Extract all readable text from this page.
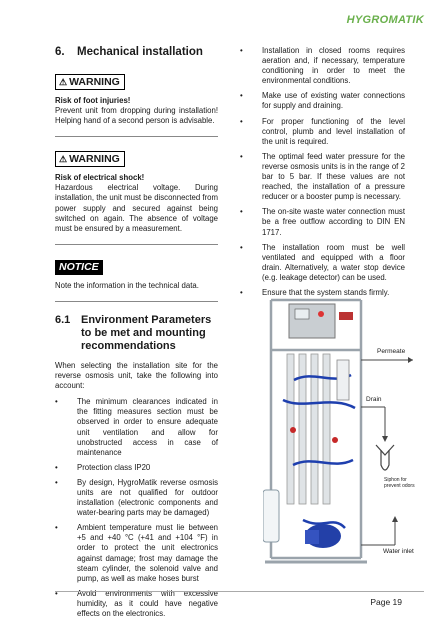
HYGROMATIK
6. Mechanical installation
⚠ WARNING

Risk of foot injuries!

Prevent unit from dropping during installation! Helping hand of a second person is advisable.

⚠ WARNING

Risk of electrical shock!

Hazardous electrical voltage. During installation, the unit must be disconnected from power supply and secured against being switched on again. The absence of voltage must be ensured by a measurement.

NOTICE

Note the information in the technical data.

6.1 Environment Parameters to be met and mounting recommendations

When selecting the installation site for the reverse osmosis unit, take the following into account:

• The minimum clearances indicated in the fitting measures section must be observed in order to ensure adequate unit ventilation and allow for unobstructed access in case of maintenance
• Protection class IP20
• By design, HygroMatik reverse osmosis units are not qualified for outdoor installation (electronic components and water-bearing parts may be damaged)
• Ambient temperature must lie between +5 and +40 °C (+41 and +104 °F) in order to protect the unit electronics against damage; frost may damage the steam cylinder, the solenoid valve and pump, as well as make hoses burst
• Avoid environments with excessive humidity, as it could have negative effects on the electronics.
• Installation in closed rooms requires aeration and, if necessary, temperature conditioning in order to meet the environmental conditions.
• Make use of existing water connections for supply and draining.
• For proper functioning of the level control, plumb and level installation of the unit is required.
• The optimal feed water pressure for the reverse osmosis units is in the range of 2 bar to 5 bar. If these values are not reached, the installation of a pressure reducer or a booster pump is necessary.
• The on-site waste water connection must be a free outflow according to DIN EN 1717.
• The installation room must be well ventilated and equipped with a floor drain. Alternatively, a water stop device (e.g. leakage detector) can be used.
• Ensure that the system stands firmly.
Permeate
Drain
Siphon for prevent odors
Water inlet
Page 19
